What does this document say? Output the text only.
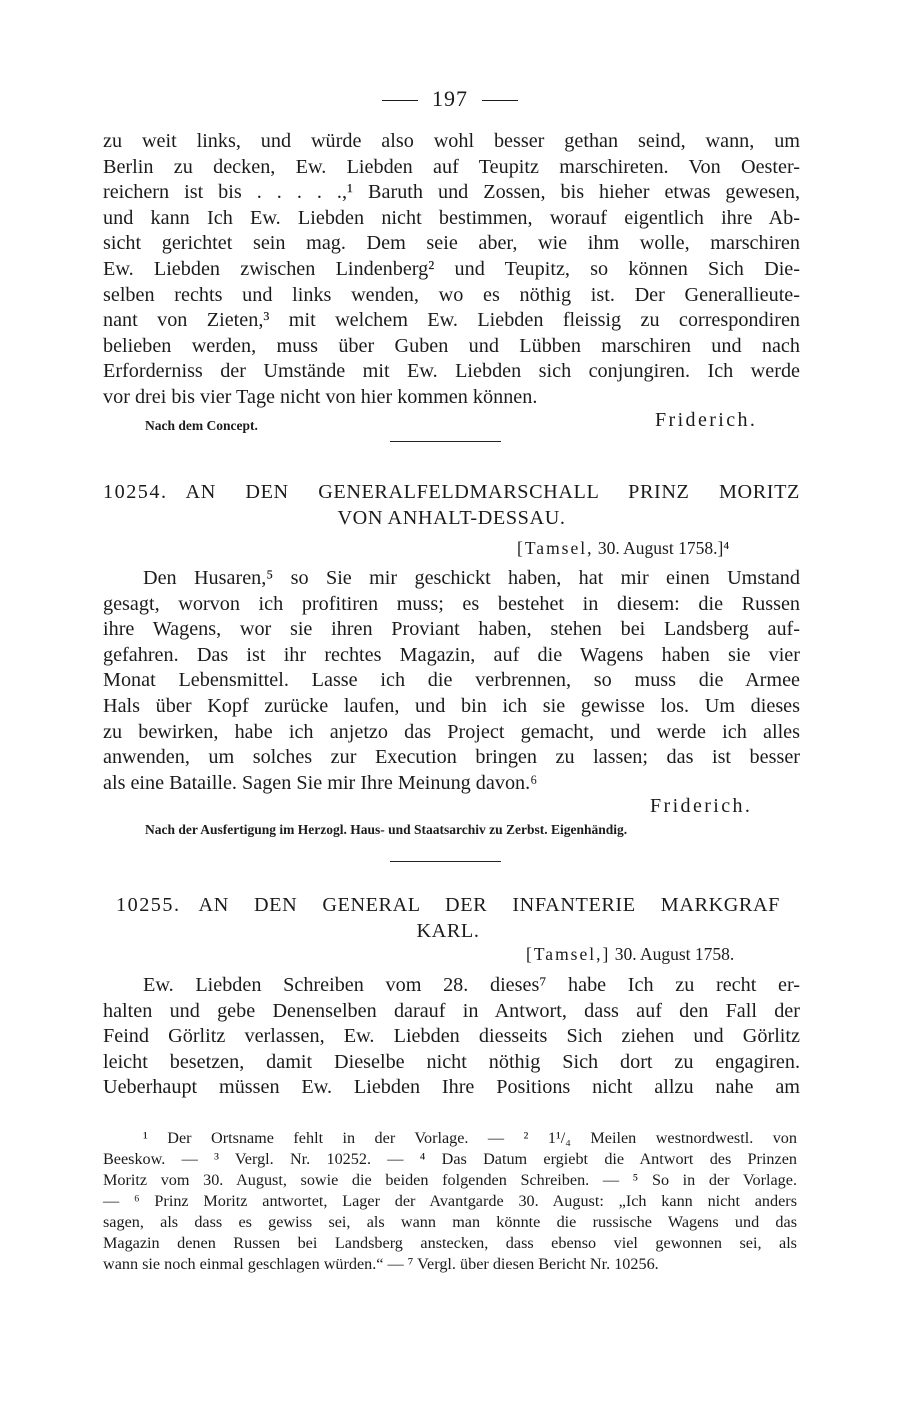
197
zu weit links, und würde also wohl besser gethan seind, wann, um
Berlin zu decken, Ew. Liebden auf Teupitz marschireten. Von Oester-
reichern ist bis . . . . .,¹ Baruth und Zossen, bis hieher etwas gewesen,
und kann Ich Ew. Liebden nicht bestimmen, worauf eigentlich ihre Ab-
sicht gerichtet sein mag. Dem seie aber, wie ihm wolle, marschiren
Ew. Liebden zwischen Lindenberg² und Teupitz, so können Sich Die-
selben rechts und links wenden, wo es nöthig ist. Der Generallieute-
nant von Zieten,³ mit welchem Ew. Liebden fleissig zu correspondiren
belieben werden, muss über Guben und Lübben marschiren und nach
Erforderniss der Umstände mit Ew. Liebden sich conjungiren. Ich werde
vor drei bis vier Tage nicht von hier kommen können.
Nach dem Concept.	Friderich.
10254. AN DEN GENERALFELDMARSCHALL PRINZ MORITZ
VON ANHALT-DESSAU.
[Tamsel, 30. August 1758.]⁴
Den Husaren,⁵ so Sie mir geschickt haben, hat mir einen Umstand
gesagt, worvon ich profitiren muss; es bestehet in diesem: die Russen
ihre Wagens, wor sie ihren Proviant haben, stehen bei Landsberg auf-
gefahren. Das ist ihr rechtes Magazin, auf die Wagens haben sie vier
Monat Lebensmittel. Lasse ich die verbrennen, so muss die Armee
Hals über Kopf zurücke laufen, und bin ich sie gewisse los. Um dieses
zu bewirken, habe ich anjetzo das Project gemacht, und werde ich alles
anwenden, um solches zur Execution bringen zu lassen; das ist besser
als eine Bataille. Sagen Sie mir Ihre Meinung davon.⁶
Friderich.
Nach der Ausfertigung im Herzogl. Haus- und Staatsarchiv zu Zerbst. Eigenhändig.
10255. AN DEN GENERAL DER INFANTERIE MARKGRAF
KARL.
[Tamsel,] 30. August 1758.
Ew. Liebden Schreiben vom 28. dieses⁷ habe Ich zu recht er-
halten und gebe Denenselben darauf in Antwort, dass auf den Fall der
Feind Görlitz verlassen, Ew. Liebden diesseits Sich ziehen und Görlitz
leicht besetzen, damit Dieselbe nicht nöthig Sich dort zu engagiren.
Ueberhaupt müssen Ew. Liebden Ihre Positions nicht allzu nahe am
¹ Der Ortsname fehlt in der Vorlage. — ² 1¹/₄ Meilen westnordwestl. von
Beeskow. — ³ Vergl. Nr. 10252. — ⁴ Das Datum ergiebt die Antwort des Prinzen
Moritz vom 30. August, sowie die beiden folgenden Schreiben. — ⁵ So in der Vorlage.
— ⁶ Prinz Moritz antwortet, Lager der Avantgarde 30. August: „Ich kann nicht anders
sagen, als dass es gewiss sei, als wann man könnte die russische Wagens und das
Magazin denen Russen bei Landsberg anstecken, dass ebenso viel gewonnen sei, als
wann sie noch einmal geschlagen würden.“ — ⁷ Vergl. über diesen Bericht Nr. 10256.
